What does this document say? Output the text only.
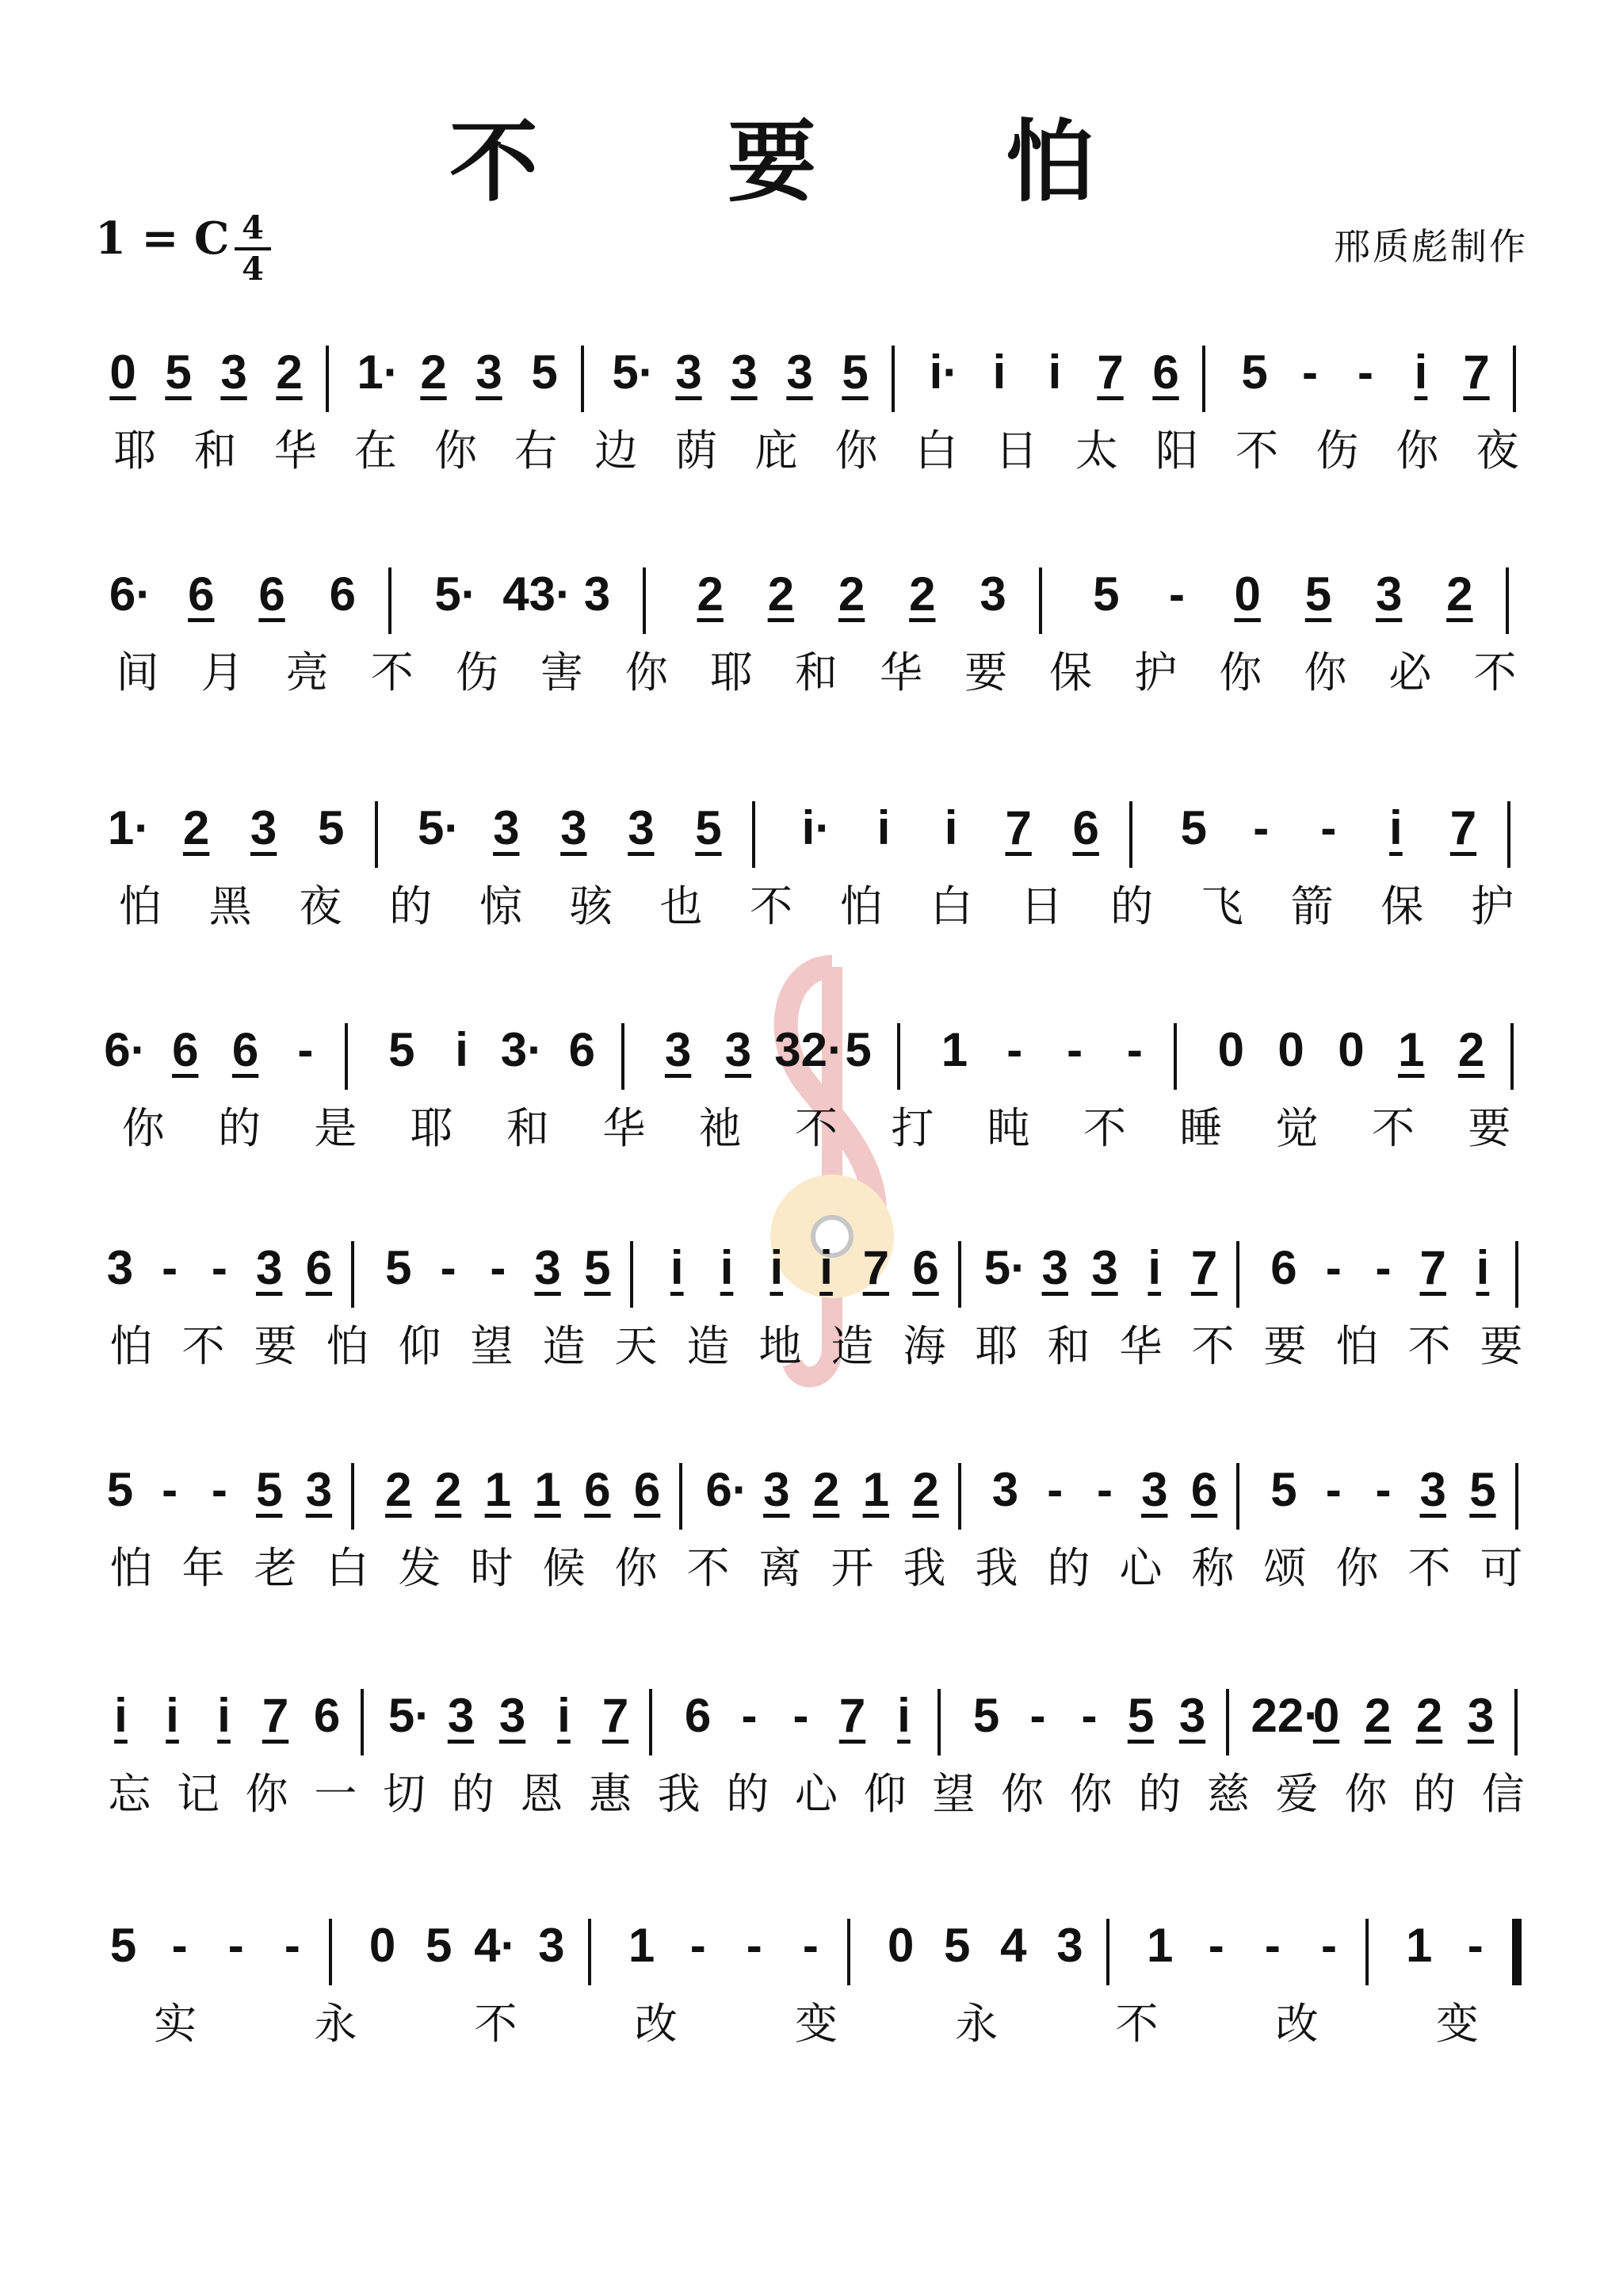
不 要 怕
1 = C 4
4
邢质彪制作
0 5 3 2 1· 2 3 5 5· 3 3 3 5 i· i i 7 6 5 - - i 7
耶 和 华 在 你 右 边 荫 庇 你 白 日 太 阳 不 伤 你 夜
6· 6 6 6 5· 43· 3 2 2 2 2 3 5	-	0 5 3 2
间 月 亮 不 伤 害 你 耶 和 华 要 保 护 你 你 必 不
1· 2 3 5 5· 3 3 3 5 i· i	i	7 6 5 -	-	i	7
怕 黑 夜 的 惊 骇 也 不 怕 白 日 的 飞 箭 保 护
6· 6 6 -	5 i 3· 6 3 3 32· 5 1 - - -	0 0 0 1 2
你 的 是 耶 和 华 祂 不 打 盹 不 睡 觉 不 要
3 - - 3 6 5 - - 3 5	i i i i 7 6 5· 3 3 i 7 6 - - 7 i
怕 不 要 怕 仰 望 造 天 造 地 造 海 耶 和 华 不 要 怕 不 要
5 - - 5 3 2 2 1 1 6 6 6· 3 2 1 2 3 - - 3 6 5 - - 3 5
怕 年 老 白 发 时 候 你 不 离 开 我 我 的 心 称 颂 你 不 可
i i i 7 6 5· 3 3 i 7 6 - - 7 i	5 - - 5 3 22·
0 2 2 3
忘 记 你 一 切 的 恩 惠 我 的 心 仰 望 你 你 的 慈 爱 你 的 信
5 - - -	0 5 4· 3 1 - - -	0 5 4 3 1 - - -	1 -
实	永	不	改	变	永	不	改	变
